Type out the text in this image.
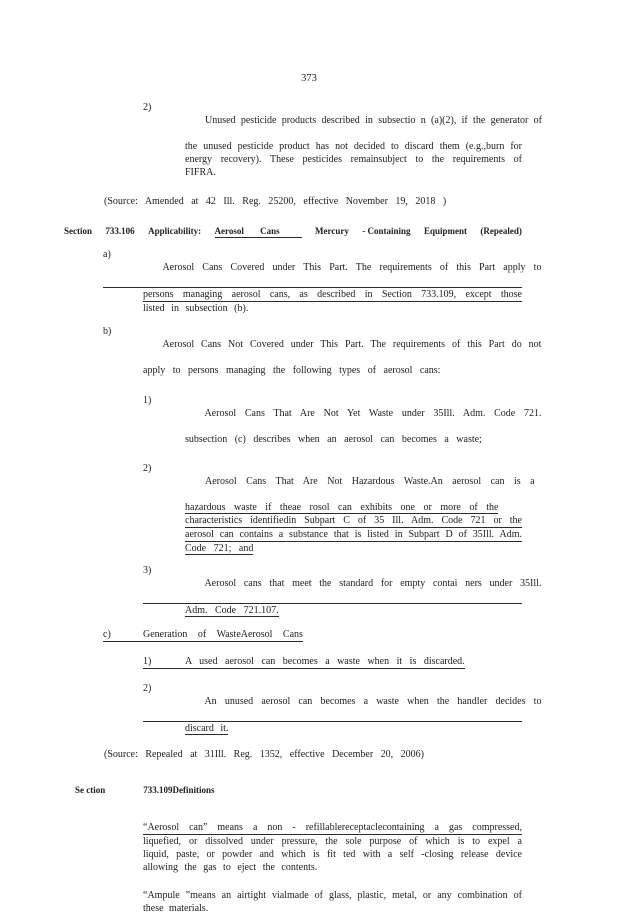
373
2)

Unused pesticide products described in subsectio n (a)(2), if the generator of

the unused pesticide product has not decided to discard them (e.g.,burn for
energy recovery). These pesticides remainsubject to the requirements of
FIFRA.
(Source: Amended at 42 Ill. Reg. 25200, effective November 19, 2018 )
Section 733.106 Applicability: Aerosol Cans	Mercury - Containing Equipment (Repealed)
a)

Aerosol Cans Covered under This Part. The requirements of this Part apply to

persons managing aerosol cans, as described in Section 733.109, except those
listed in subsection (b).
b)

Aerosol Cans Not Covered under This Part. The requirements of this Part do not

apply to persons managing the following types of aerosol cans:
1)

Aerosol Cans That Are Not Yet Waste under 35Ill. Adm. Code 721.

subsection (c) describes when an aerosol can becomes a waste;
2)

Aerosol Cans That Are Not Hazardous Waste.An aerosol can is a

hazardous waste if theae rosol can exhibits one or more of the
characteristics identifiedin Subpart C of 35 Ill. Adm. Code 721 or the
aerosol can contains a substance that is listed in Subpart D of 35Ill. Adm.
Code 721; and
3)

Aerosol cans that meet the standard for empty contai ners under 35Ill.

Adm. Code 721.107.
c)	Generation of WasteAerosol Cans
1)	A used aerosol can becomes a waste when it is discarded.
2)

An unused aerosol can becomes a waste when the handler decides to

discard it.
(Source: Repealed at 31Ill. Reg. 1352, effective December 20, 2006)

Se ction	733.109Definitions

“Aerosol can” means a non - refillablereceptaclecontaining a gas compressed,
liquefied, or dissolved under pressure, the sole purpose of which is to expel a
liquid, paste, or powder and which is fit ted with a self -closing release device
allowing the gas to eject the contents.
“Ampule ”means an airtight vialmade of glass, plastic, metal, or any combination of
these materials.
